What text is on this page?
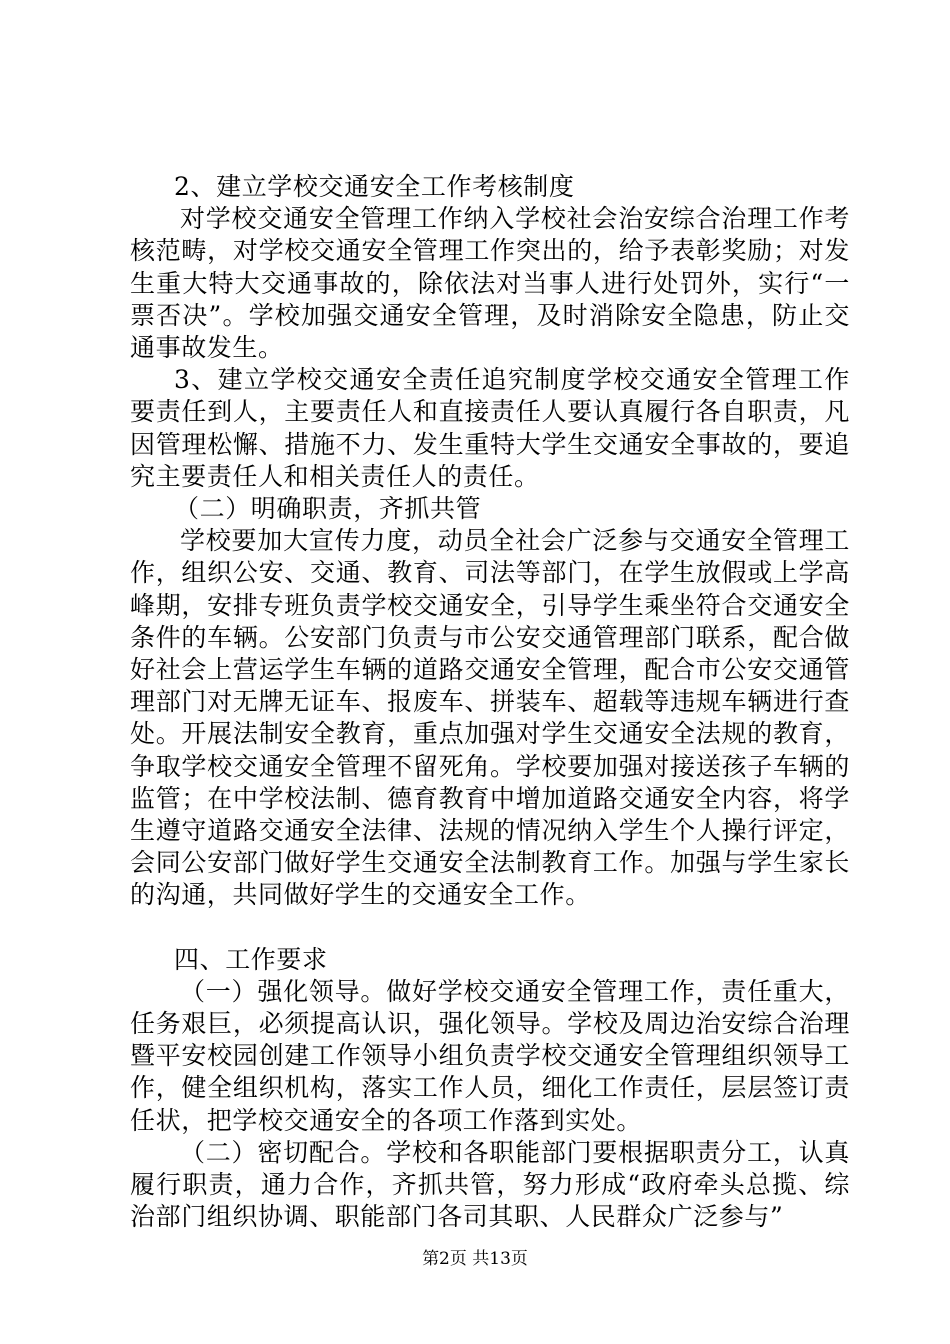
2、建立学校交通安全工作考核制度

对学校交通安全管理工作纳入学校社会治安综合治理工作考核范畴，对学校交通安全管理工作突出的，给予表彰奖励；对发生重大特大交通事故的，除依法对当事人进行处罚外，实行“一票否决”。学校加强交通安全管理，及时消除安全隐患，防止交通事故发生。

3、建立学校交通安全责任追究制度学校交通安全管理工作要责任到人，主要责任人和直接责任人要认真履行各自职责，凡因管理松懈、措施不力、发生重特大学生交通安全事故的，要追究主要责任人和相关责任人的责任。

（二）明确职责，齐抓共管

学校要加大宣传力度，动员全社会广泛参与交通安全管理工作，组织公安、交通、教育、司法等部门，在学生放假或上学高峰期，安排专班负责学校交通安全，引导学生乘坐符合交通安全条件的车辆。公安部门负责与市公安交通管理部门联系，配合做好社会上营运学生车辆的道路交通安全管理，配合市公安交通管理部门对无牌无证车、报废车、拼装车、超载等违规车辆进行查处。开展法制安全教育，重点加强对学生交通安全法规的教育，争取学校交通安全管理不留死角。学校要加强对接送孩子车辆的监管；在中学校法制、德育教育中增加道路交通安全内容，将学生遵守道路交通安全法律、法规的情况纳入学生个人操行评定，会同公安部门做好学生交通安全法制教育工作。加强与学生家长的沟通，共同做好学生的交通安全工作。

四、工作要求

（一）强化领导。做好学校交通安全管理工作，责任重大，任务艰巨，必须提高认识，强化领导。学校及周边治安综合治理暨平安校园创建工作领导小组负责学校交通安全管理组织领导工作，健全组织机构，落实工作人员，细化工作责任，层层签订责任状，把学校交通安全的各项工作落到实处。

（二）密切配合。学校和各职能部门要根据职责分工，认真履行职责，通力合作，齐抓共管，努力形成“政府牵头总揽、综治部门组织协调、职能部门各司其职、人民群众广泛参与”

第2页 共13页
